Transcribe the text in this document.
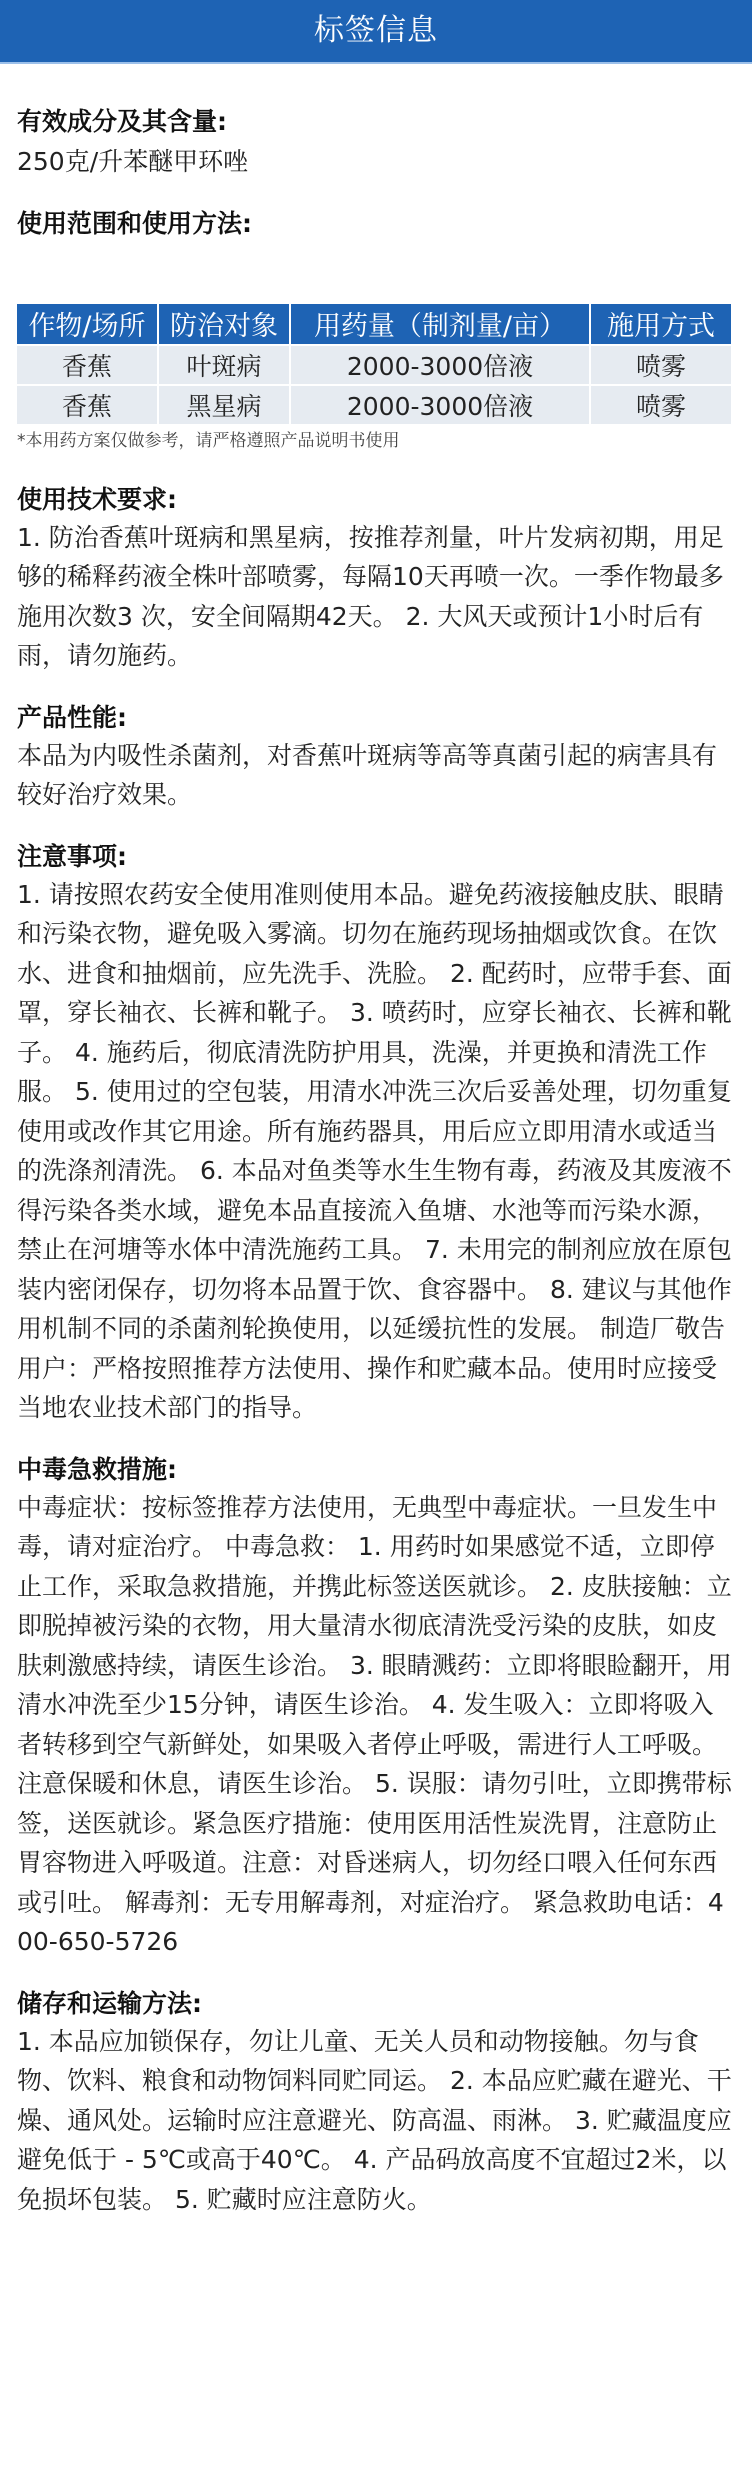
标签信息

有效成分及其含量:

250克/升苯醚甲环唑

使用范围和使用方法:

作物/场所	防治对象	用药量（制剂量/亩）	施用方式
香蕉	叶斑病	2000-3000倍液	喷雾
香蕉	黑星病	2000-3000倍液	喷雾

*本用药方案仅做参考，请严格遵照产品说明书使用

使用技术要求:

1. 防治香蕉叶斑病和黑星病，按推荐剂量，叶片发病初期，用足够的稀释药液全株叶部喷雾，每隔10天再喷一次。一季作物最多施用次数3 次，安全间隔期42天。 2. 大风天或预计1小时后有雨，请勿施药。

产品性能:

本品为内吸性杀菌剂，对香蕉叶斑病等高等真菌引起的病害具有较好治疗效果。

注意事项:

1. 请按照农药安全使用准则使用本品。避免药液接触皮肤、眼睛和污染衣物，避免吸入雾滴。切勿在施药现场抽烟或饮食。在饮水、进食和抽烟前，应先洗手、洗脸。 2. 配药时，应带手套、面罩，穿长袖衣、长裤和靴子。 3. 喷药时，应穿长袖衣、长裤和靴子。 4. 施药后，彻底清洗防护用具，洗澡，并更换和清洗工作服。 5. 使用过的空包装，用清水冲洗三次后妥善处理，切勿重复使用或改作其它用途。所有施药器具，用后应立即用清水或适当的洗涤剂清洗。 6. 本品对鱼类等水生生物有毒，药液及其废液不得污染各类水域，避免本品直接流入鱼塘、水池等而污染水源，禁止在河塘等水体中清洗施药工具。 7. 未用完的制剂应放在原包装内密闭保存，切勿将本品置于饮、食容器中。 8. 建议与其他作用机制不同的杀菌剂轮换使用，以延缓抗性的发展。 制造厂敬告用户：严格按照推荐方法使用、操作和贮藏本品。使用时应接受当地农业技术部门的指导。

中毒急救措施:

中毒症状：按标签推荐方法使用，无典型中毒症状。一旦发生中毒，请对症治疗。 中毒急救： 1. 用药时如果感觉不适，立即停止工作，采取急救措施，并携此标签送医就诊。 2. 皮肤接触：立即脱掉被污染的衣物，用大量清水彻底清洗受污染的皮肤，如皮肤刺激感持续，请医生诊治。 3. 眼睛溅药：立即将眼睑翻开，用清水冲洗至少15分钟，请医生诊治。 4. 发生吸入：立即将吸入者转移到空气新鲜处，如果吸入者停止呼吸，需进行人工呼吸。注意保暖和休息，请医生诊治。 5. 误服：请勿引吐，立即携带标签，送医就诊。紧急医疗措施：使用医用活性炭洗胃，注意防止胃容物进入呼吸道。注意：对昏迷病人，切勿经口喂入任何东西或引吐。 解毒剂：无专用解毒剂，对症治疗。 紧急救助电话：400-650-5726

储存和运输方法:

1. 本品应加锁保存，勿让儿童、无关人员和动物接触。勿与食物、饮料、粮食和动物饲料同贮同运。 2. 本品应贮藏在避光、干燥、通风处。运输时应注意避光、防高温、雨淋。 3. 贮藏温度应避免低于 - 5℃或高于40℃。 4. 产品码放高度不宜超过2米，以免损坏包装。 5. 贮藏时应注意防火。
